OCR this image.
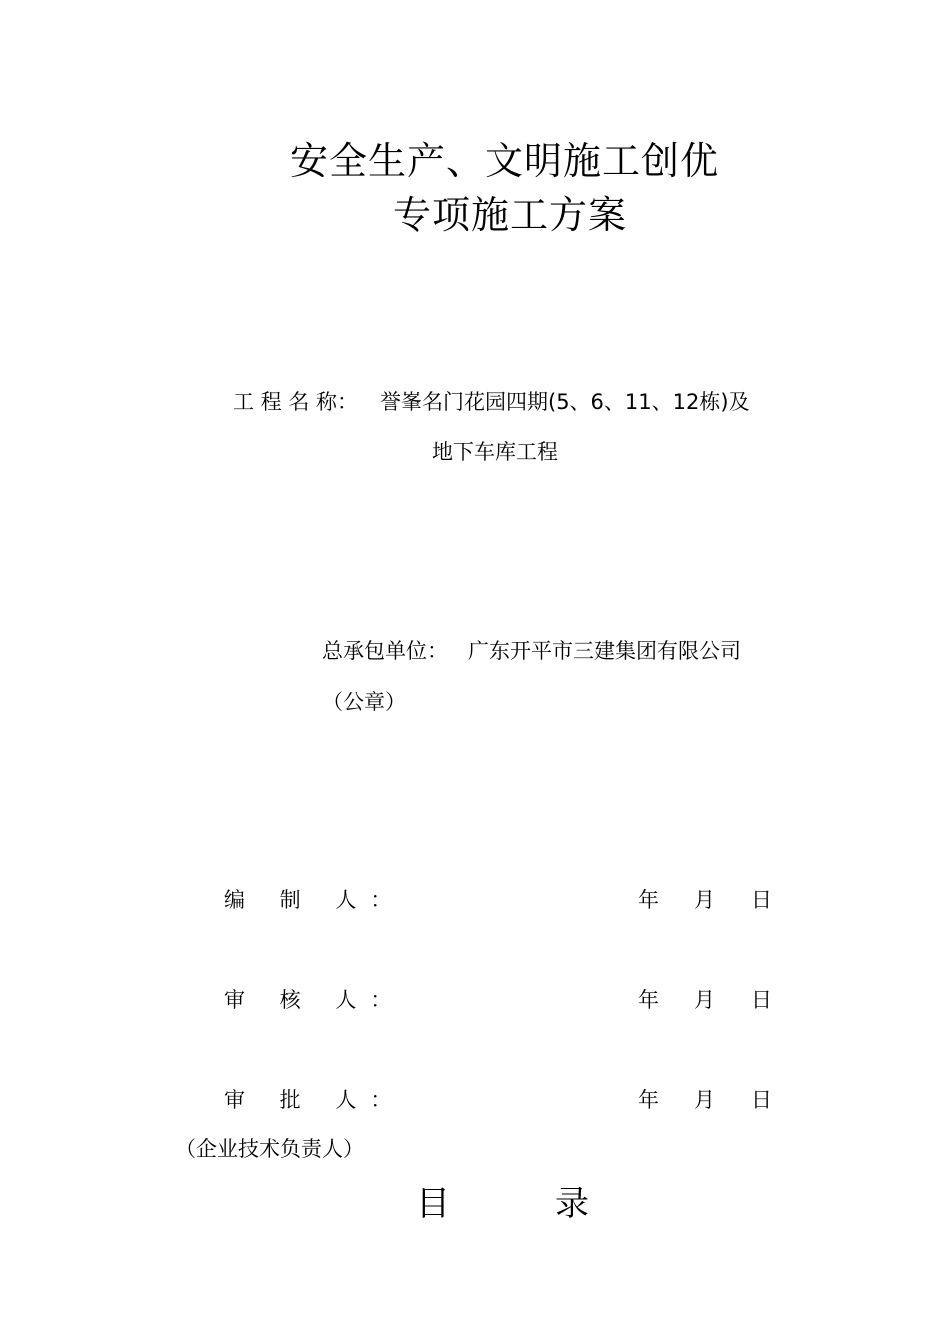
安全生产、文明施工创优
专项施工方案
工 程 名 称： 誉峯名门花园四期(5、6、11、12栋)及
地下车库工程
总承包单位： 广东开平市三建集团有限公司
（公章）
编 制 人：	年 月 日
审 核 人：	年 月 日
审 批 人：	年 月 日
（企业技术负责人）
目	录
